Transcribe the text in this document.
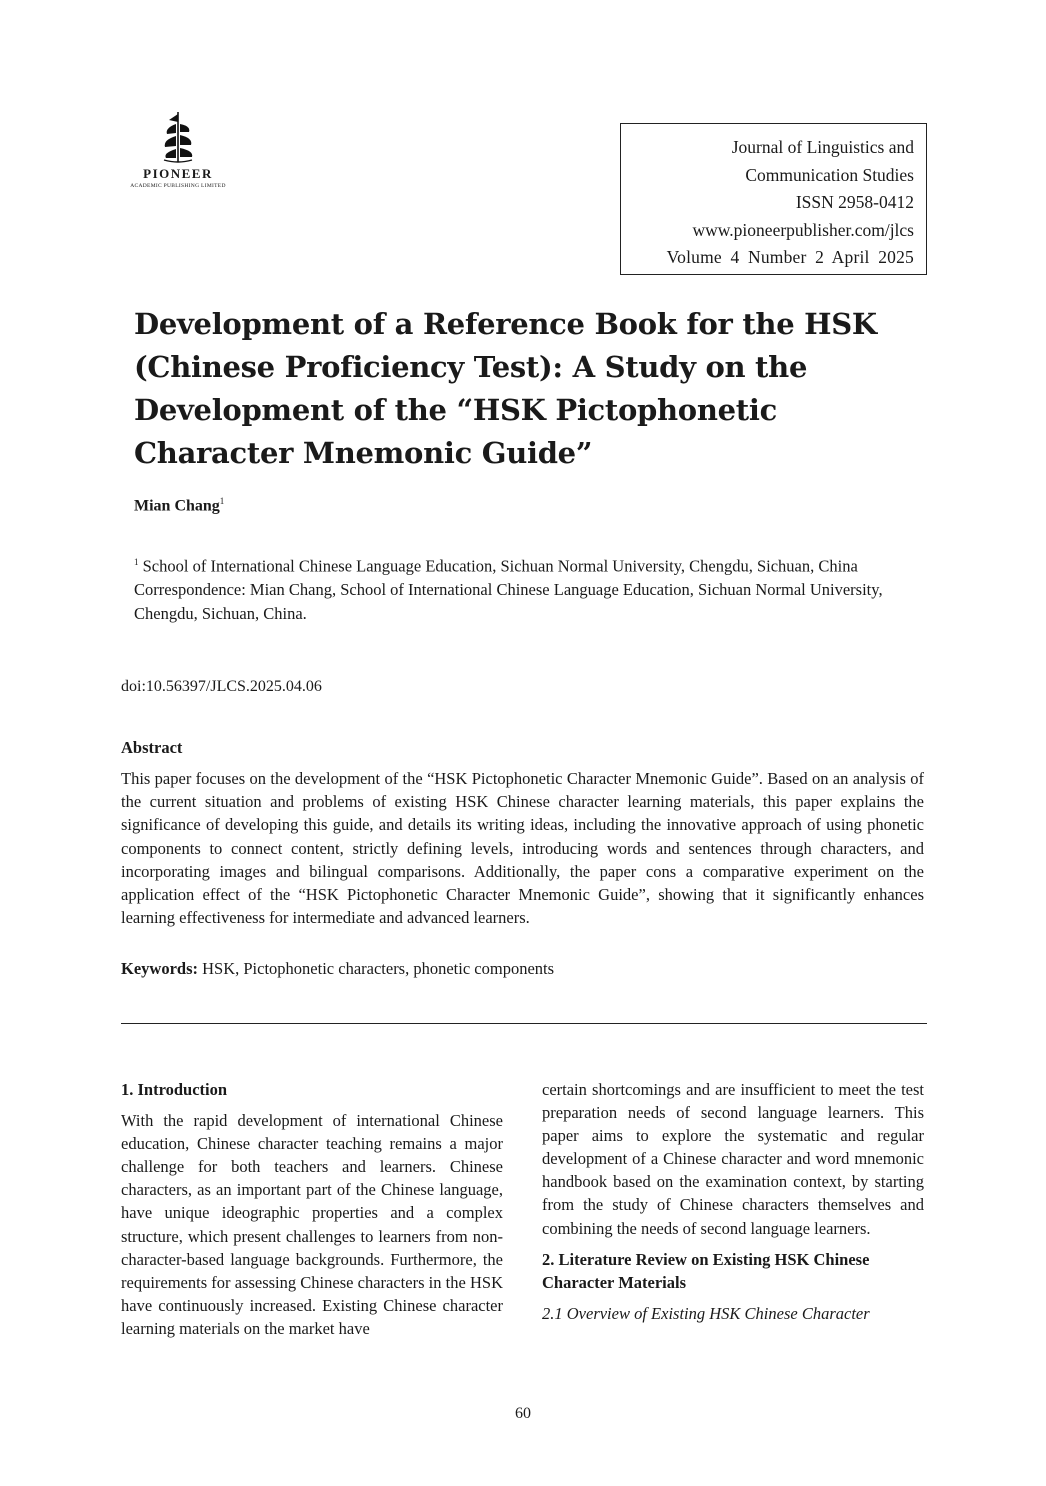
PIONEER
ACADEMIC PUBLISHING LIMITED
Journal of Linguistics and
Communication Studies
ISSN 2958-0412
www.pioneerpublisher.com/jlcs
Volume 4 Number 2 April 2025
Development of a Reference Book for the HSK (Chinese Proficiency Test): A Study on the Development of the “HSK Pictophonetic Character Mnemonic Guide”
Mian Chang$^1$
$^1$ School of International Chinese Language Education, Sichuan Normal University, Chengdu, Sichuan, China
Correspondence: Mian Chang, School of International Chinese Language Education, Sichuan Normal University, Chengdu, Sichuan, China.
doi:10.56397/JLCS.2025.04.06
Abstract

This paper focuses on the development of the “HSK Pictophonetic Character Mnemonic Guide”. Based on an analysis of the current situation and problems of existing HSK Chinese character learning materials, this paper explains the significance of developing this guide, and details its writing ideas, including the innovative approach of using phonetic components to connect content, strictly defining levels, introducing words and sentences through characters, and incorporating images and bilingual comparisons. Additionally, the paper cons a comparative experiment on the application effect of the “HSK Pictophonetic Character Mnemonic Guide”, showing that it significantly enhances learning effectiveness for intermediate and advanced learners.

Keywords: HSK, Pictophonetic characters, phonetic components
1. Introduction

With the rapid development of international Chinese education, Chinese character teaching remains a major challenge for both teachers and learners. Chinese characters, as an important part of the Chinese language, have unique ideographic properties and a complex structure, which present challenges to learners from non-character-based language backgrounds. Furthermore, the requirements for assessing Chinese characters in the HSK have continuously increased. Existing Chinese character learning materials on the market have

certain shortcomings and are insufficient to meet the test preparation needs of second language learners. This paper aims to explore the systematic and regular development of a Chinese character and word mnemonic handbook based on the examination context, by starting from the study of Chinese characters themselves and combining the needs of second language learners.

2. Literature Review on Existing HSK Chinese Character Materials

2.1 Overview of Existing HSK Chinese Character

60
